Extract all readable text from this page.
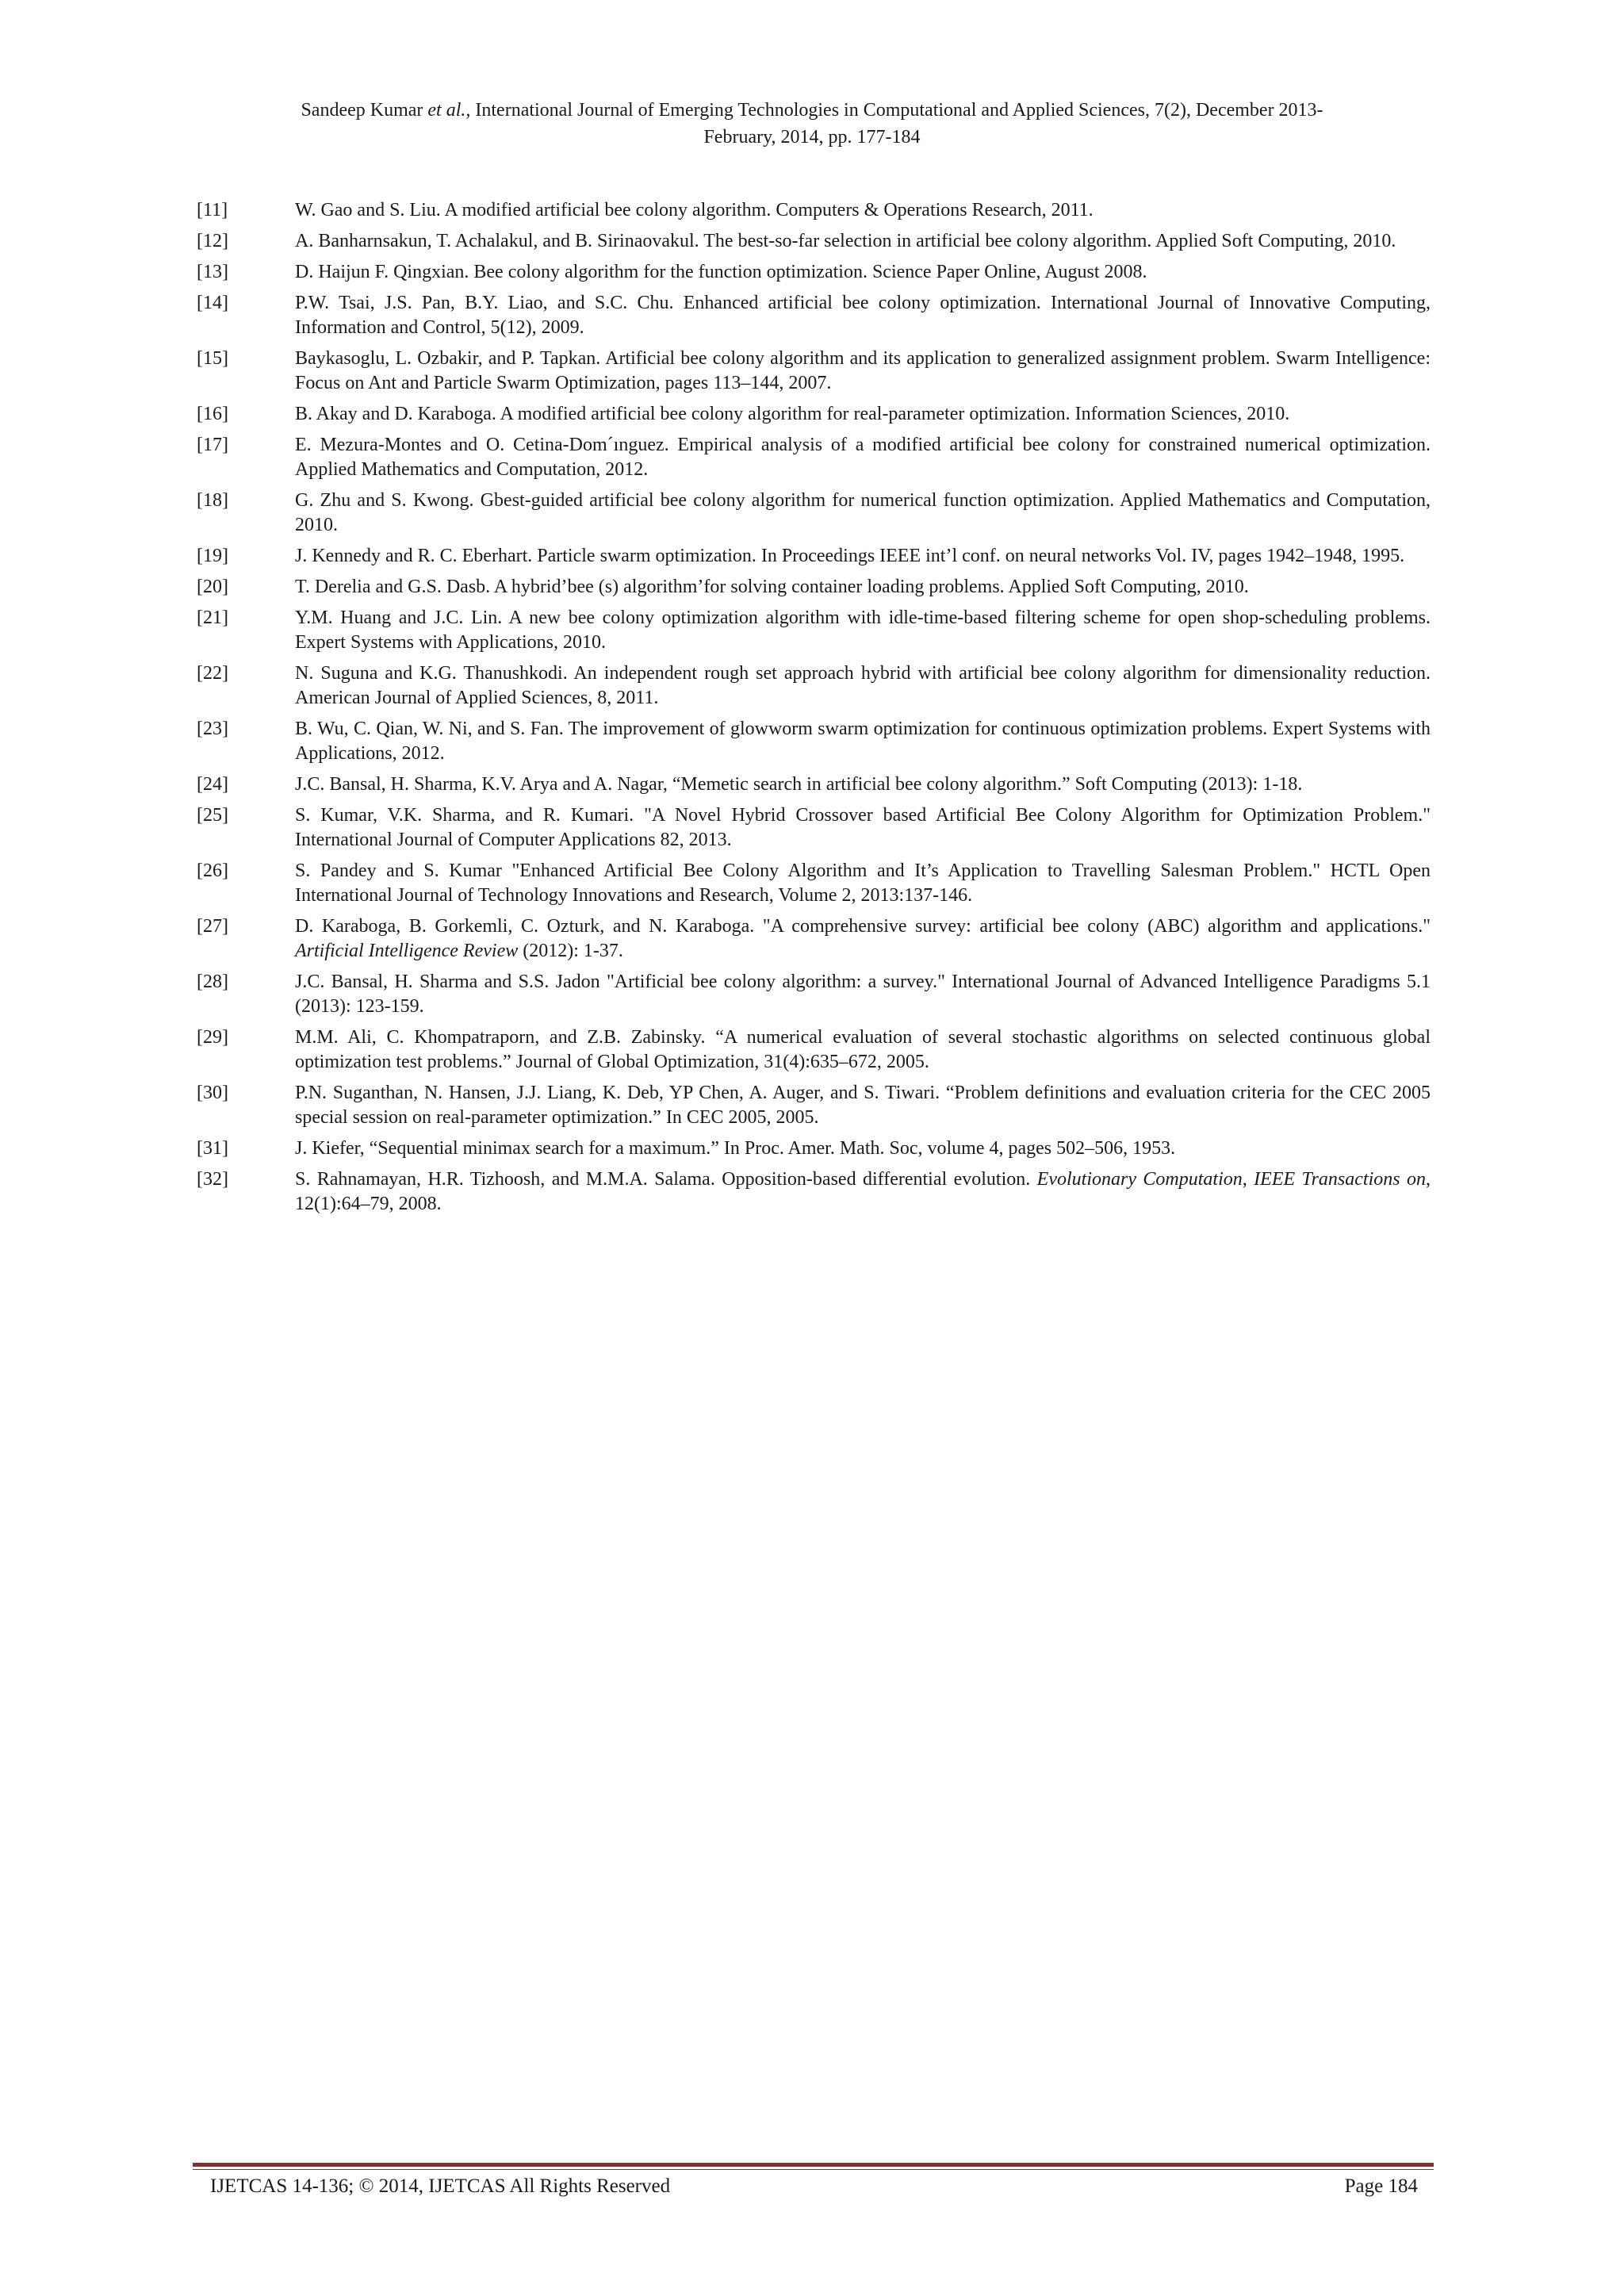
Sandeep Kumar et al., International Journal of Emerging Technologies in Computational and Applied Sciences, 7(2), December 2013-
February, 2014, pp. 177-184
[11]	W. Gao and S. Liu. A modified artificial bee colony algorithm. Computers & Operations Research, 2011.
[12]	A. Banharnsakun, T. Achalakul, and B. Sirinaovakul. The best-so-far selection in artificial bee colony algorithm. Applied Soft Computing, 2010.
[13]	D. Haijun F. Qingxian. Bee colony algorithm for the function optimization. Science Paper Online, August 2008.
[14]	P.W. Tsai, J.S. Pan, B.Y. Liao, and S.C. Chu. Enhanced artificial bee colony optimization. International Journal of Innovative Computing, Information and Control, 5(12), 2009.
[15]	Baykasoglu, L. Ozbakir, and P. Tapkan. Artificial bee colony algorithm and its application to generalized assignment problem. Swarm Intelligence: Focus on Ant and Particle Swarm Optimization, pages 113–144, 2007.
[16]	B. Akay and D. Karaboga. A modified artificial bee colony algorithm for real-parameter optimization. Information Sciences, 2010.
[17]	E. Mezura-Montes and O. Cetina-Dom´ınguez. Empirical analysis of a modified artificial bee colony for constrained numerical optimization. Applied Mathematics and Computation, 2012.
[18]	G. Zhu and S. Kwong. Gbest-guided artificial bee colony algorithm for numerical function optimization. Applied Mathematics and Computation, 2010.
[19]	J. Kennedy and R. C. Eberhart. Particle swarm optimization. In Proceedings IEEE int’l conf. on neural networks Vol. IV, pages 1942–1948, 1995.
[20]	T. Derelia and G.S. Dasb. A hybrid’bee (s) algorithm’for solving container loading problems. Applied Soft Computing, 2010.
[21]	Y.M. Huang and J.C. Lin. A new bee colony optimization algorithm with idle-time-based filtering scheme for open shop-scheduling problems. Expert Systems with Applications, 2010.
[22]	N. Suguna and K.G. Thanushkodi. An independent rough set approach hybrid with artificial bee colony algorithm for dimensionality reduction. American Journal of Applied Sciences, 8, 2011.
[23]	B. Wu, C. Qian, W. Ni, and S. Fan. The improvement of glowworm swarm optimization for continuous optimization problems. Expert Systems with Applications, 2012.
[24]	J.C. Bansal, H. Sharma, K.V. Arya and A. Nagar, “Memetic search in artificial bee colony algorithm.” Soft Computing (2013): 1-18.
[25]	S. Kumar, V.K. Sharma, and R. Kumari. "A Novel Hybrid Crossover based Artificial Bee Colony Algorithm for Optimization Problem." International Journal of Computer Applications 82, 2013.
[26]	S. Pandey and S. Kumar "Enhanced Artificial Bee Colony Algorithm and It’s Application to Travelling Salesman Problem." HCTL Open International Journal of Technology Innovations and Research, Volume 2, 2013:137-146.
[27]	D. Karaboga, B. Gorkemli, C. Ozturk, and N. Karaboga. "A comprehensive survey: artificial bee colony (ABC) algorithm and applications." Artificial Intelligence Review (2012): 1-37.
[28]	J.C. Bansal, H. Sharma and S.S. Jadon "Artificial bee colony algorithm: a survey." International Journal of Advanced Intelligence Paradigms 5.1 (2013): 123-159.
[29]	M.M. Ali, C. Khompatraporn, and Z.B. Zabinsky. “A numerical evaluation of several stochastic algorithms on selected continuous global optimization test problems.” Journal of Global Optimization, 31(4):635–672, 2005.
[30]	P.N. Suganthan, N. Hansen, J.J. Liang, K. Deb, YP Chen, A. Auger, and S. Tiwari. “Problem definitions and evaluation criteria for the CEC 2005 special session on real-parameter optimization.” In CEC 2005, 2005.
[31]	J. Kiefer, “Sequential minimax search for a maximum.” In Proc. Amer. Math. Soc, volume 4, pages 502–506, 1953.
[32]	S. Rahnamayan, H.R. Tizhoosh, and M.M.A. Salama. Opposition-based differential evolution. Evolutionary Computation, IEEE Transactions on, 12(1):64–79, 2008.
IJETCAS 14-136; © 2014, IJETCAS All Rights Reserved	Page 184
